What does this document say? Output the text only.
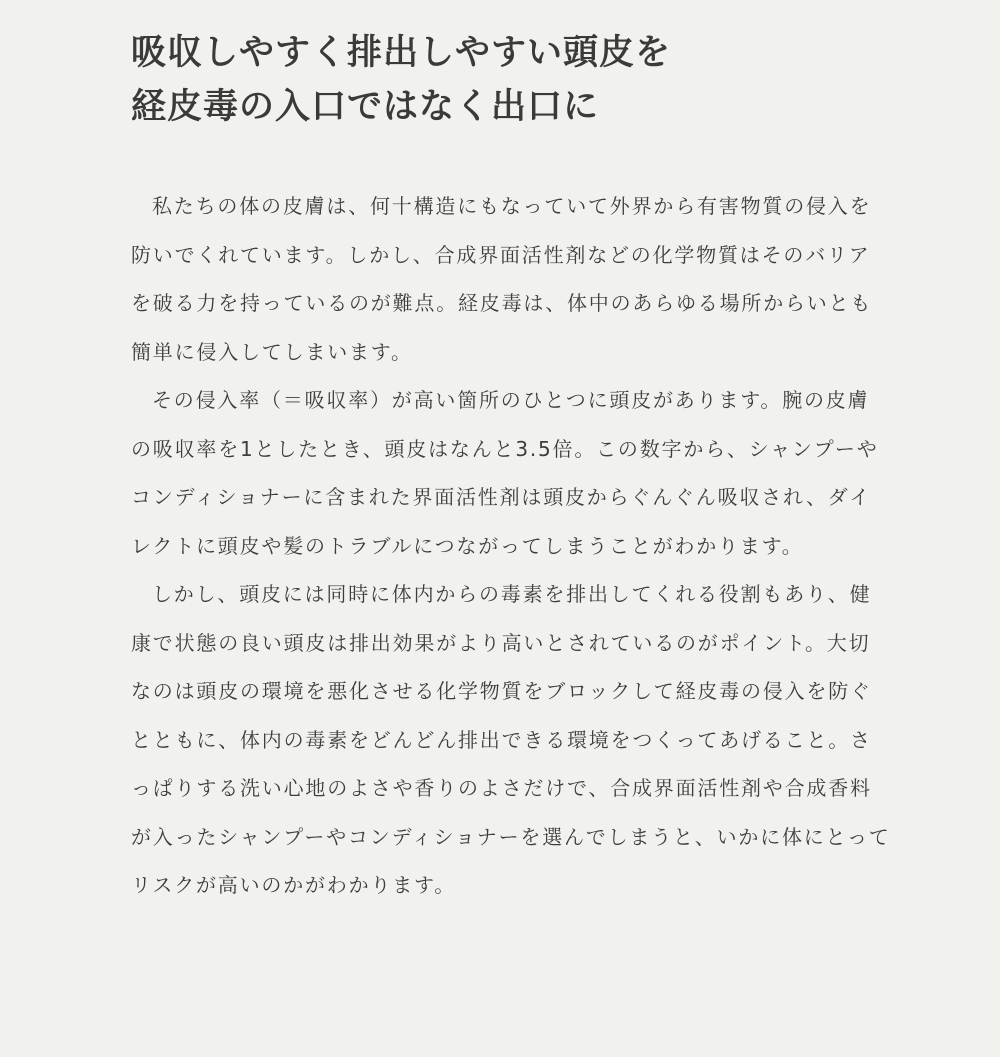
吸収しやすく排出しやすい頭皮を
経皮毒の入口ではなく出口に

私たちの体の皮膚は、何十構造にもなっていて外界から有害物質の侵入を防いでくれています。しかし、合成界面活性剤などの化学物質はそのバリアを破る力を持っているのが難点。経皮毒は、体中のあらゆる場所からいとも簡単に侵入してしまいます。

その侵入率（＝吸収率）が高い箇所のひとつに頭皮があります。腕の皮膚の吸収率を1としたとき、頭皮はなんと3.5倍。この数字から、シャンプーやコンディショナーに含まれた界面活性剤は頭皮からぐんぐん吸収され、ダイレクトに頭皮や髪のトラブルにつながってしまうことがわかります。

しかし、頭皮には同時に体内からの毒素を排出してくれる役割もあり、健康で状態の良い頭皮は排出効果がより高いとされているのがポイント。大切なのは頭皮の環境を悪化させる化学物質をブロックして経皮毒の侵入を防ぐとともに、体内の毒素をどんどん排出できる環境をつくってあげること。さっぱりする洗い心地のよさや香りのよさだけで、合成界面活性剤や合成香料が入ったシャンプーやコンディショナーを選んでしまうと、いかに体にとってリスクが高いのかがわかります。
